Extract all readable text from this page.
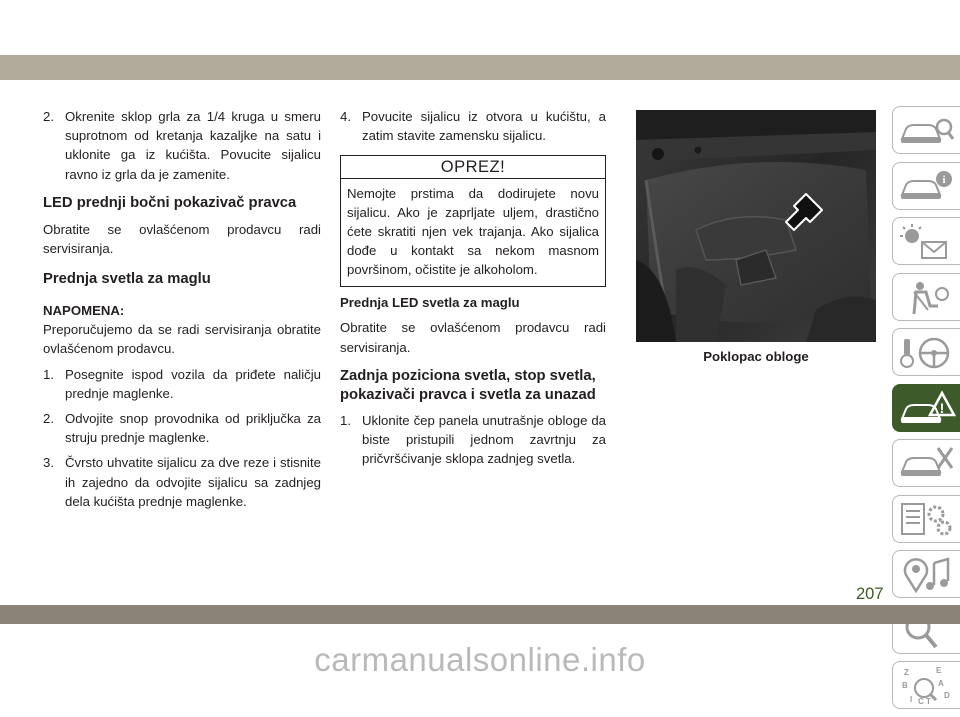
2. Okrenite sklop grla za 1/4 kruga u smeru suprotnom od kretanja kazaljke na satu i uklonite ga iz kućišta. Povucite sijalicu ravno iz grla da je zamenite.
LED prednji bočni pokazivač pravca

Obratite se ovlašćenom prodavcu radi servisiranja.

Prednja svetla za maglu

NAPOMENA:

Preporučujemo da se radi servisiranja obratite ovlašćenom prodavcu.

1. Posegnite ispod vozila da priđete naličju prednje maglenke.
2. Odvojite snop provodnika od priključka za struju prednje maglenke.
3. Čvrsto uhvatite sijalicu za dve reze i stisnite ih zajedno da odvojite sijalicu sa zadnjeg dela kućišta prednje maglenke.
4. Povucite sijalicu iz otvora u kućištu, a zatim stavite zamensku sijalicu.
OPREZ!
Nemojte prstima da dodirujete novu sijalicu. Ako je zaprljate uljem, drastično ćete skratiti njen vek trajanja. Ako sijalica dođe u kontakt sa nekom masnom površinom, očistite je alkoholom.

Prednja LED svetla za maglu

Obratite se ovlašćenom prodavcu radi servisiranja.

Zadnja poziciona svetla, stop svetla, pokazivači pravca i svetla za unazad
1. Uklonite čep panela unutrašnje obloge da biste pristupili jednom zavrtnju za pričvršćivanje sklopa zadnjeg svetla.
Poklopac obloge
i
!
Z	E
B	A
I C T
D
207
carmanualsonline.info
